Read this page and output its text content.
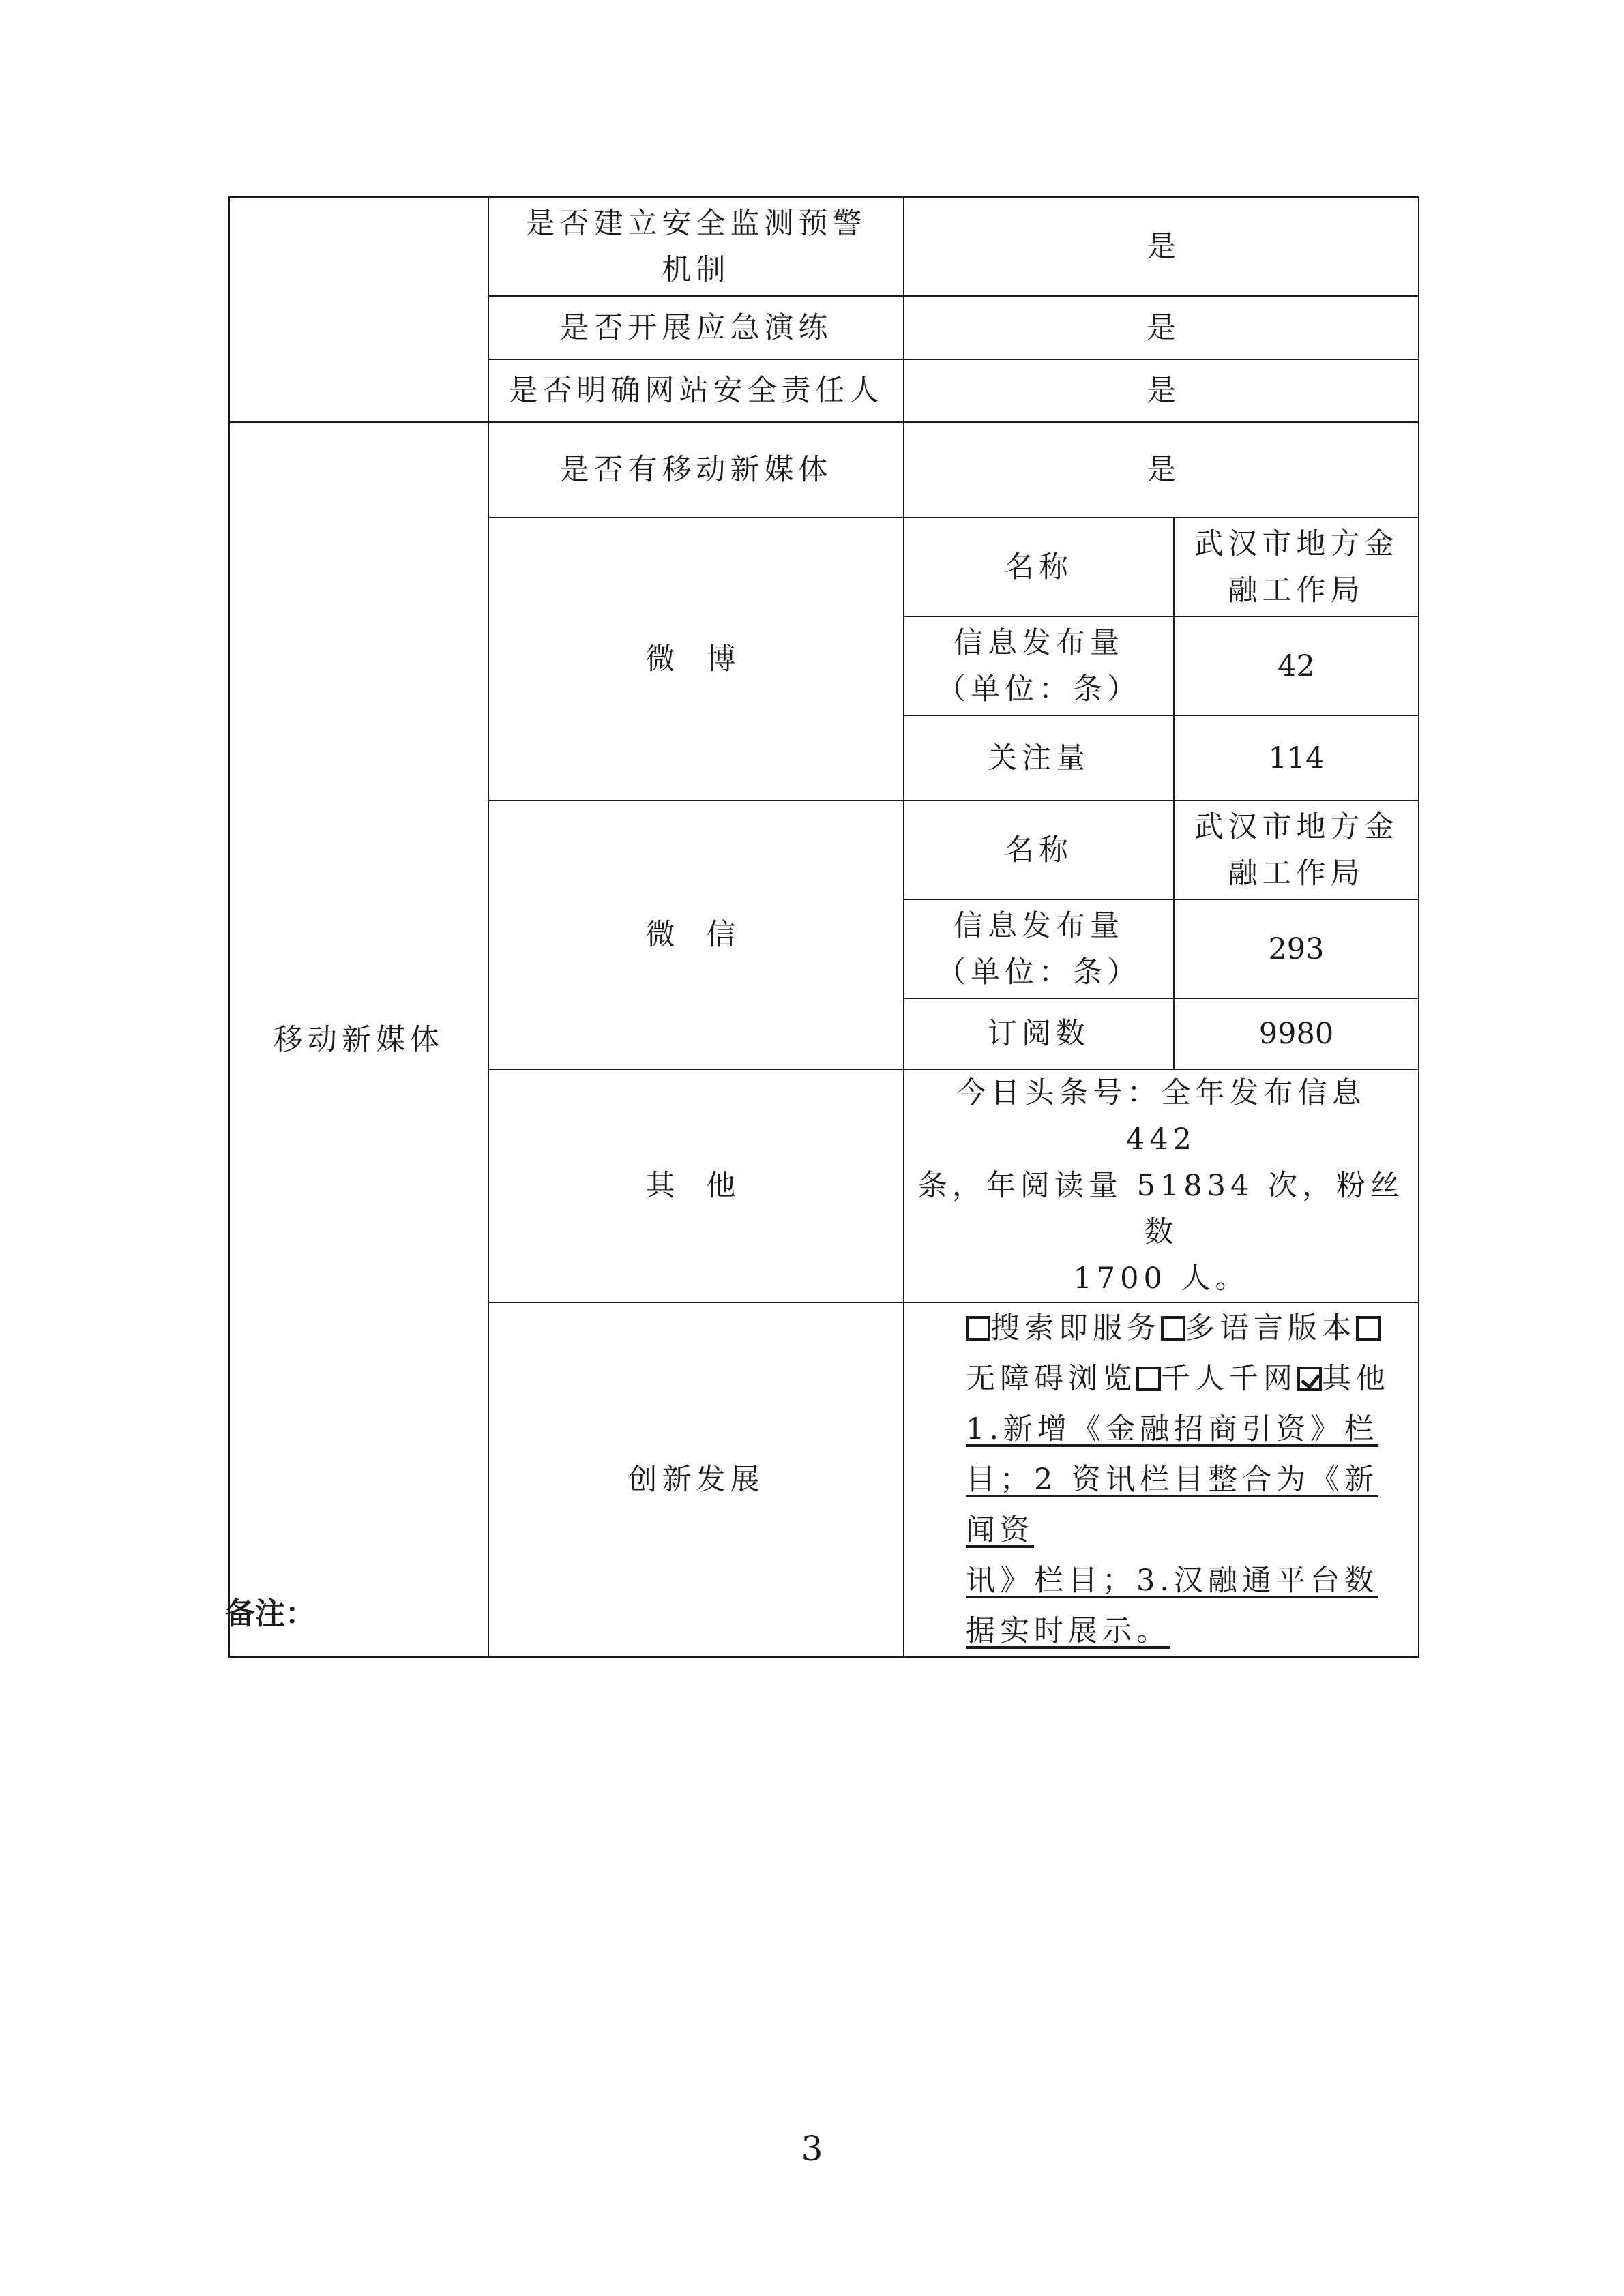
	是否建立安全监测预警
机制	是	
	是否开展应急演练	是	
	是否明确网站安全责任人	是	
移动新媒体	是否有移动新媒体	是	
	微博	名称	武汉市地方金
融工作局

		信息发布量
（单位：条）	42
		关注量	114
	微信	名称	武汉市地方金
融工作局

		信息发布量
（单位：条）	293
		订阅数	9980
	其他	今日头条号：全年发布信息 442
条，年阅读量 51834 次，粉丝数
1700 人。	

	创新发展	搜索即服务 多语言版本无障碍浏览 千人千网 其他
1.新增《金融招商引资》栏目；2 资讯栏目整合为《新闻资
讯》栏目；3.汉融通平台数据实时展示。	
备注：
3
